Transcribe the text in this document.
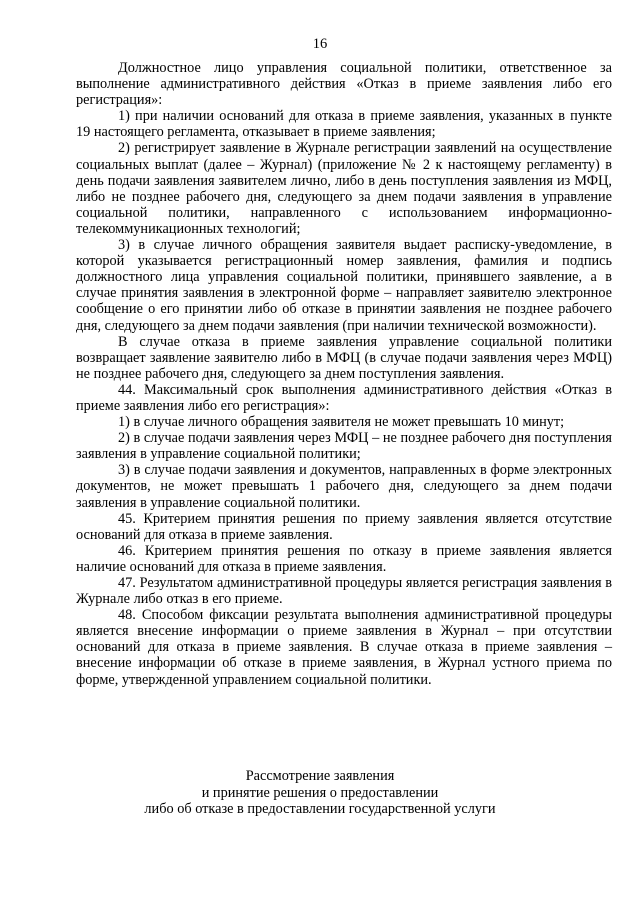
16

Должностное лицо управления социальной политики, ответственное за выполнение административного действия «Отказ в приеме заявления либо его регистрация»:

1) при наличии оснований для отказа в приеме заявления, указанных в пункте 19 настоящего регламента, отказывает в приеме заявления;

2) регистрирует заявление в Журнале регистрации заявлений на осуществление социальных выплат (далее – Журнал) (приложение № 2 к настоящему регламенту) в день подачи заявления заявителем лично, либо в день поступления заявления из МФЦ, либо не позднее рабочего дня, следующего за днем подачи заявления в управление социальной политики, направленного с использованием информационно-телекоммуникационных технологий;

3) в случае личного обращения заявителя выдает расписку-уведомление, в которой указывается регистрационный номер заявления, фамилия и подпись должностного лица управления социальной политики, принявшего заявление, а в случае принятия заявления в электронной форме – направляет заявителю электронное сообщение о его принятии либо об отказе в принятии заявления не позднее рабочего дня, следующего за днем подачи заявления (при наличии технической возможности).

В случае отказа в приеме заявления управление социальной политики возвращает заявление заявителю либо в МФЦ (в случае подачи заявления через МФЦ) не позднее рабочего дня, следующего за днем поступления заявления.

44. Максимальный срок выполнения административного действия «Отказ в приеме заявления либо его регистрация»:

1) в случае личного обращения заявителя не может превышать 10 минут;

2) в случае подачи заявления через МФЦ – не позднее рабочего дня поступления заявления в управление социальной политики;

3) в случае подачи заявления и документов, направленных в форме электронных документов, не может превышать 1 рабочего дня, следующего за днем подачи заявления в управление социальной политики.

45. Критерием принятия решения по приему заявления является отсутствие оснований для отказа в приеме заявления.

46. Критерием принятия решения по отказу в приеме заявления является наличие оснований для отказа в приеме заявления.

47. Результатом административной процедуры является регистрация заявления в Журнале либо отказ в его приеме.

48. Способом фиксации результата выполнения административной процедуры является внесение информации о приеме заявления в Журнал – при отсутствии оснований для отказа в приеме заявления. В случае отказа в приеме заявления – внесение информации об отказе в приеме заявления, в Журнал устного приема по форме, утвержденной управлением социальной политики.

Рассмотрение заявления
и принятие решения о предоставлении
либо об отказе в предоставлении государственной услуги
